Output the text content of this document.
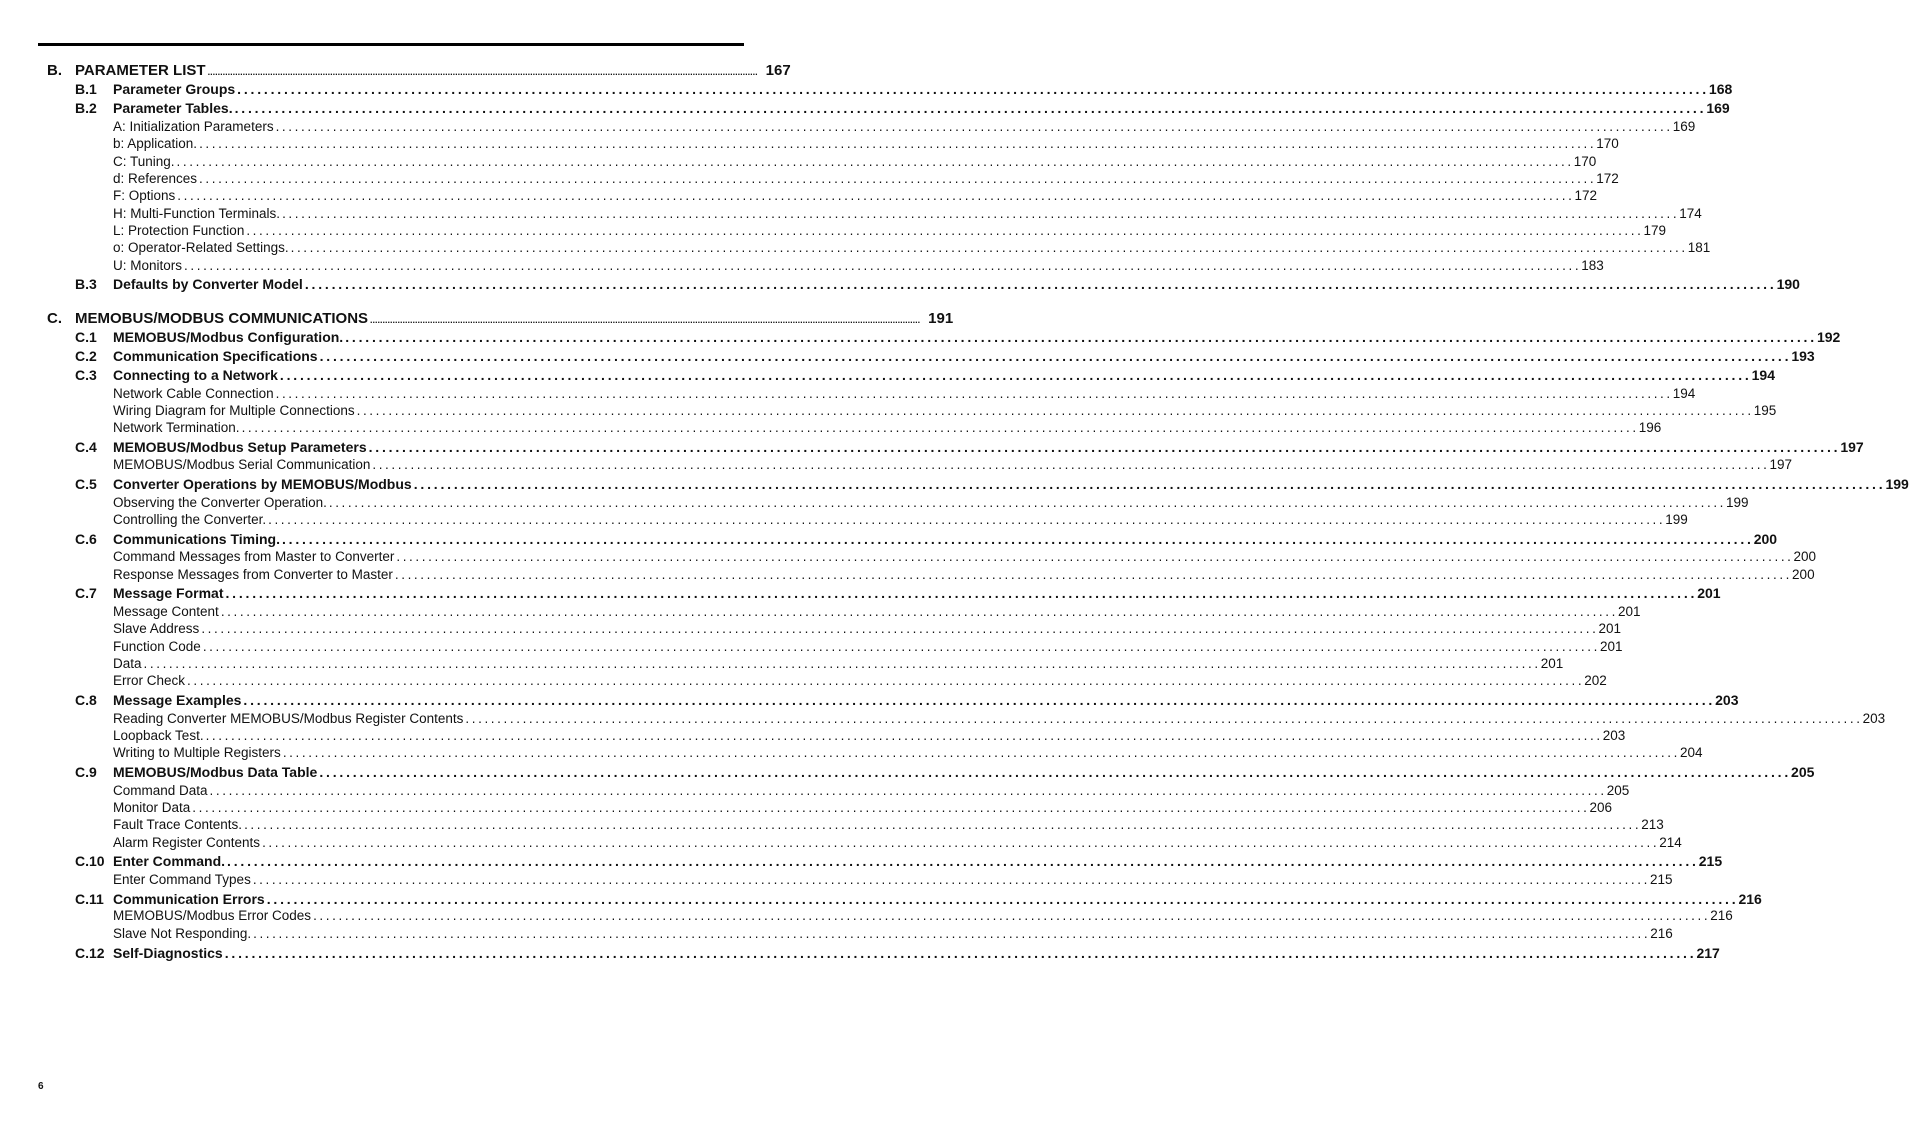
B. PARAMETER LIST ............................................................................................................................................................................................................................ 167
B.1 Parameter Groups ............................................................................................................................................................................................................................ 168
B.2 Parameter Tables. ............................................................................................................................................................................................................................ 169
A: Initialization Parameters ............................................................................................................................................................................................................................ 169
b: Application. ............................................................................................................................................................................................................................ 170
C: Tuning. ............................................................................................................................................................................................................................ 170
d: References ............................................................................................................................................................................................................................ 172
F: Options ............................................................................................................................................................................................................................ 172
H: Multi-Function Terminals. ............................................................................................................................................................................................................................ 174
L: Protection Function ............................................................................................................................................................................................................................ 179
o: Operator-Related Settings. ............................................................................................................................................................................................................................ 181
U: Monitors ............................................................................................................................................................................................................................ 183
B.3 Defaults by Converter Model ............................................................................................................................................................................................................................ 190
C. MEMOBUS/MODBUS COMMUNICATIONS ............................................................................................................................................................................................................................ 191
C.1 MEMOBUS/Modbus Configuration. ............................................................................................................................................................................................................................ 192
C.2 Communication Specifications ............................................................................................................................................................................................................................ 193
C.3 Connecting to a Network ............................................................................................................................................................................................................................ 194
Network Cable Connection ............................................................................................................................................................................................................................ 194
Wiring Diagram for Multiple Connections ............................................................................................................................................................................................................................ 195
Network Termination. ............................................................................................................................................................................................................................ 196
C.4 MEMOBUS/Modbus Setup Parameters ............................................................................................................................................................................................................................ 197
MEMOBUS/Modbus Serial Communication ............................................................................................................................................................................................................................ 197
C.5 Converter Operations by MEMOBUS/Modbus ............................................................................................................................................................................................................................ 199
Observing the Converter Operation. ............................................................................................................................................................................................................................ 199
Controlling the Converter. ............................................................................................................................................................................................................................ 199
C.6 Communications Timing. ............................................................................................................................................................................................................................ 200
Command Messages from Master to Converter ............................................................................................................................................................................................................................ 200
Response Messages from Converter to Master ............................................................................................................................................................................................................................ 200
C.7 Message Format ............................................................................................................................................................................................................................ 201
Message Content ............................................................................................................................................................................................................................ 201
Slave Address ............................................................................................................................................................................................................................ 201
Function Code ............................................................................................................................................................................................................................ 201
Data ............................................................................................................................................................................................................................ 201
Error Check ............................................................................................................................................................................................................................ 202
C.8 Message Examples ............................................................................................................................................................................................................................ 203
Reading Converter MEMOBUS/Modbus Register Contents ............................................................................................................................................................................................................................ 203
Loopback Test. ............................................................................................................................................................................................................................ 203
Writing to Multiple Registers ............................................................................................................................................................................................................................ 204
C.9 MEMOBUS/Modbus Data Table ............................................................................................................................................................................................................................ 205
Command Data ............................................................................................................................................................................................................................ 205
Monitor Data ............................................................................................................................................................................................................................ 206
Fault Trace Contents. ............................................................................................................................................................................................................................ 213
Alarm Register Contents ............................................................................................................................................................................................................................ 214
C.10 Enter Command. ............................................................................................................................................................................................................................ 215
Enter Command Types ............................................................................................................................................................................................................................ 215
C.11 Communication Errors ............................................................................................................................................................................................................................ 216
MEMOBUS/Modbus Error Codes ............................................................................................................................................................................................................................ 216
Slave Not Responding. ............................................................................................................................................................................................................................ 216
C.12 Self-Diagnostics ............................................................................................................................................................................................................................ 217
6
